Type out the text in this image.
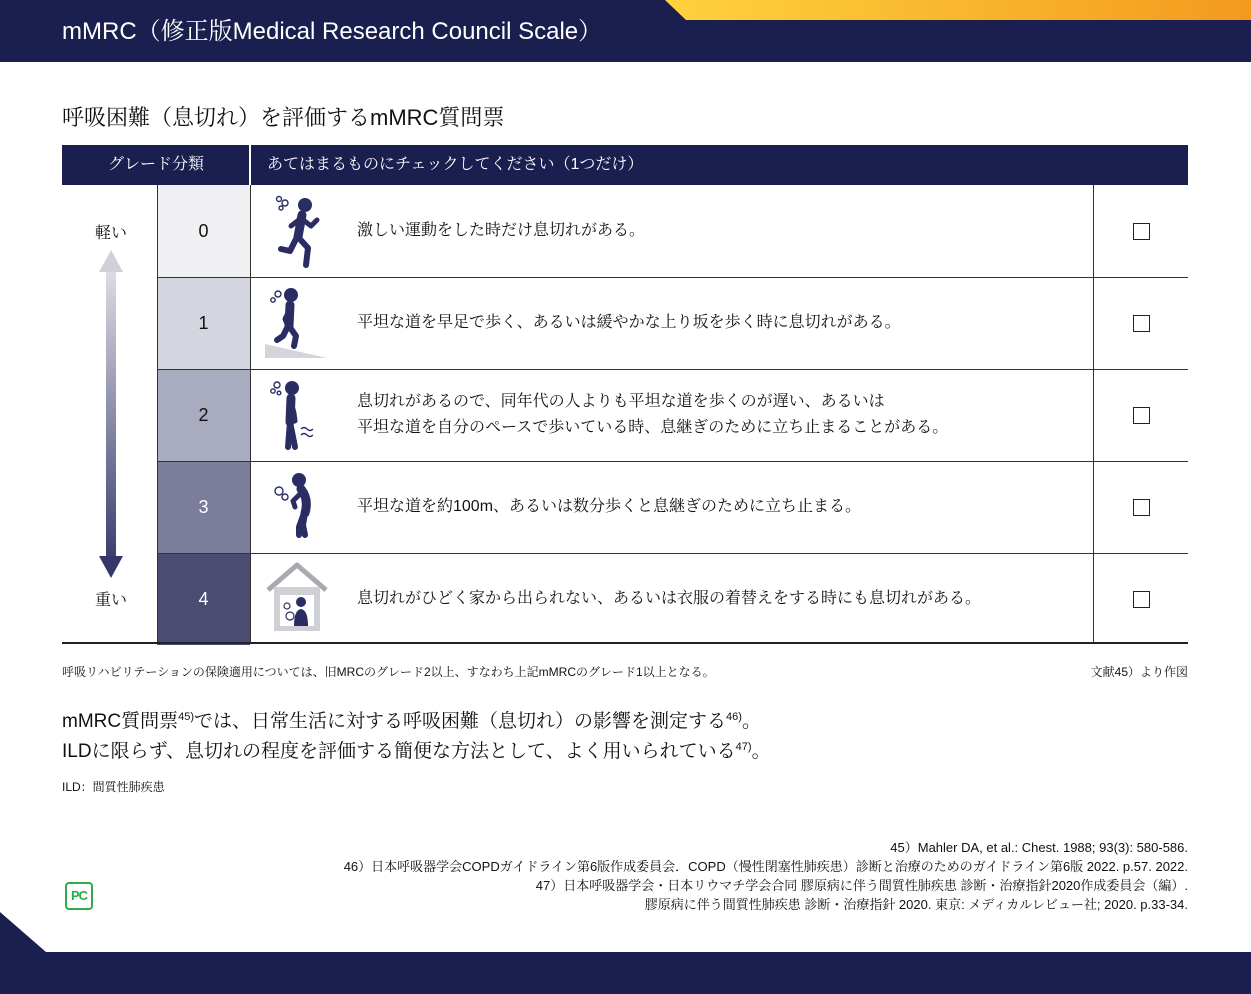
mMRC（修正版Medical Research Council Scale）
呼吸困難（息切れ）を評価するmMRC質問票
グレード分類	あてはまるものにチェックしてください（1つだけ）
軽い
重い
0
1
2
3
4
激しい運動をした時だけ息切れがある。
平坦な道を早足で歩く、あるいは緩やかな上り坂を歩く時に息切れがある。
息切れがあるので、同年代の人よりも平坦な道を歩くのが遅い、あるいは
平坦な道を自分のペースで歩いている時、息継ぎのために立ち止まることがある。
平坦な道を約100m、あるいは数分歩くと息継ぎのために立ち止まる。
息切れがひどく家から出られない、あるいは衣服の着替えをする時にも息切れがある。
呼吸リハビリテーションの保険適用については、旧MRCのグレード2以上、すなわち上記mMRCのグレード1以上となる。	文献45）より作図
mMRC質問票$^{45)}$では、日常生活に対する呼吸困難（息切れ）の影響を測定する$^{46)}$。
ILDに限らず、息切れの程度を評価する簡便な方法として、よく用いられている$^{47)}$。
ILD：間質性肺疾患
45）Mahler DA, et al.: Chest. 1988; 93(3): 580-586.
46）日本呼吸器学会COPDガイドライン第6版作成委員会．COPD（慢性閉塞性肺疾患）診断と治療のためのガイドライン第6版 2022. p.57. 2022.
47）日本呼吸器学会・日本リウマチ学会合同 膠原病に伴う間質性肺疾患 診断・治療指針2020作成委員会（編）.
膠原病に伴う間質性肺疾患 診断・治療指針 2020. 東京: メディカルレビュー社; 2020. p.33-34.
PC
